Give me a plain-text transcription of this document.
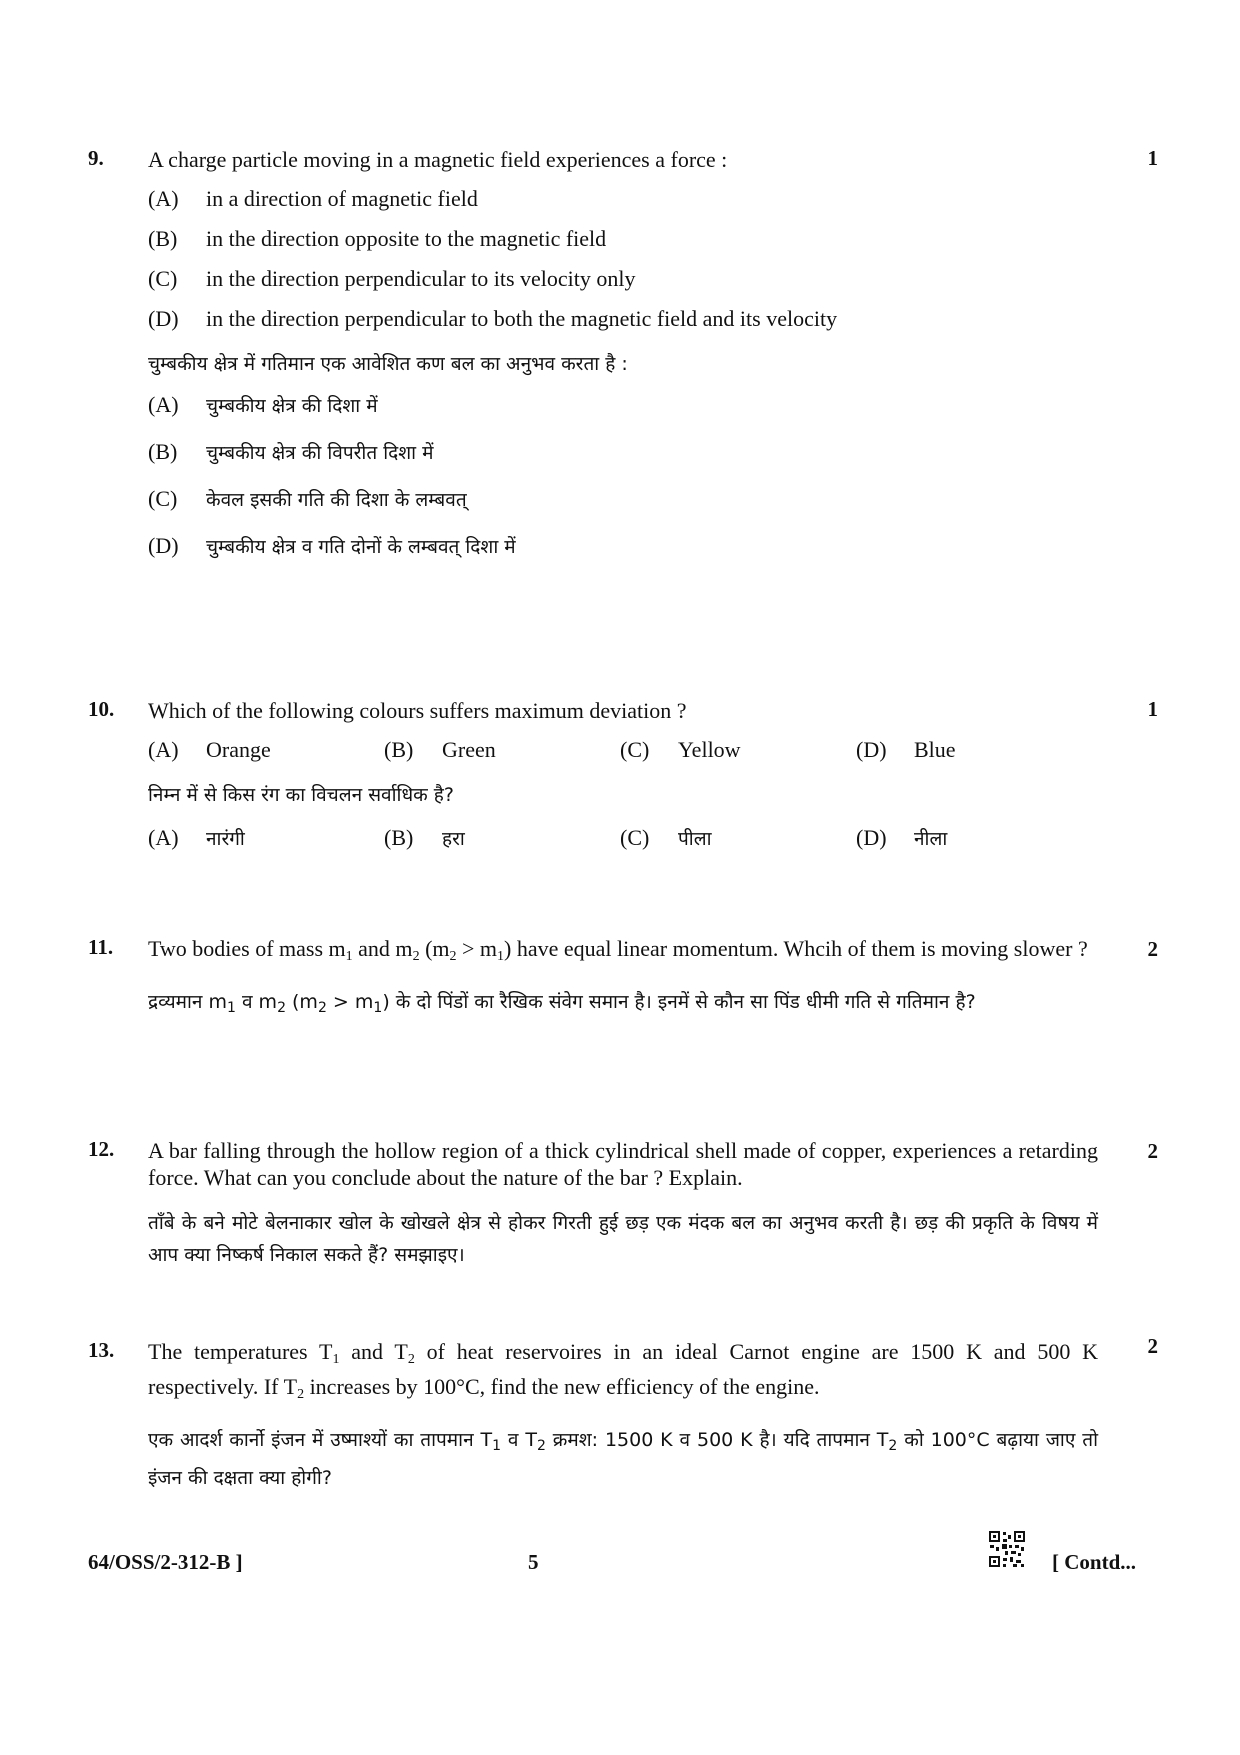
9.	1
A charge particle moving in a magnetic field experiences a force :
(A)	in a direction of magnetic field
(B)	in the direction opposite to the magnetic field
(C)	in the direction perpendicular to its velocity only
(D)	in the direction perpendicular to both the magnetic field and its velocity
चुम्बकीय क्षेत्र में गतिमान एक आवेशित कण बल का अनुभव करता है :
(A)	चुम्बकीय क्षेत्र की दिशा में
(B)	चुम्बकीय क्षेत्र की विपरीत दिशा में
(C)	केवल इसकी गति की दिशा के लम्बवत्
(D)	चुम्बकीय क्षेत्र व गति दोनों के लम्बवत् दिशा में
10.	1
Which of the following colours suffers maximum deviation ?
(A)	Orange	(B)	Green	(C)	Yellow	(D)	Blue
निम्न में से किस रंग का विचलन सर्वाधिक है?
(A)	नारंगी	(B)	हरा	(C)	पीला	(D)	नीला
11.	2
Two bodies of mass $m_1$ and $m_2$ $(m_2 > m_1)$ have equal linear momentum. Whcih of them is moving slower ?
द्रव्यमान $m_1$ व $m_2$ $(m_2 > m_1)$ के दो पिंडों का रैखिक संवेग समान है। इनमें से कौन सा पिंड धीमी गति से गतिमान है?
12.	2
A bar falling through the hollow region of a thick cylindrical shell made of copper, experiences a retarding force. What can you conclude about the nature of the bar ? Explain.
ताँबे के बने मोटे बेलनाकार खोल के खोखले क्षेत्र से होकर गिरती हुई छड़ एक मंदक बल का अनुभव करती है। छड़ की प्रकृति के विषय में आप क्या निष्कर्ष निकाल सकते हैं? समझाइए।
13.	2
The temperatures $T_1$ and $T_2$ of heat reservoires in an ideal Carnot engine are 1500 K and 500 K respectively. If $T_2$ increases by 100°C, find the new efficiency of the engine.
एक आदर्श कार्नो इंजन में उष्माश्यों का तापमान $T_1$ व $T_2$ क्रमश: 1500 K व 500 K है। यदि तापमान $T_2$ को 100°C बढ़ाया जाए तो इंजन की दक्षता क्या होगी?
64/OSS/2-312-B ]	5	[ Contd...
